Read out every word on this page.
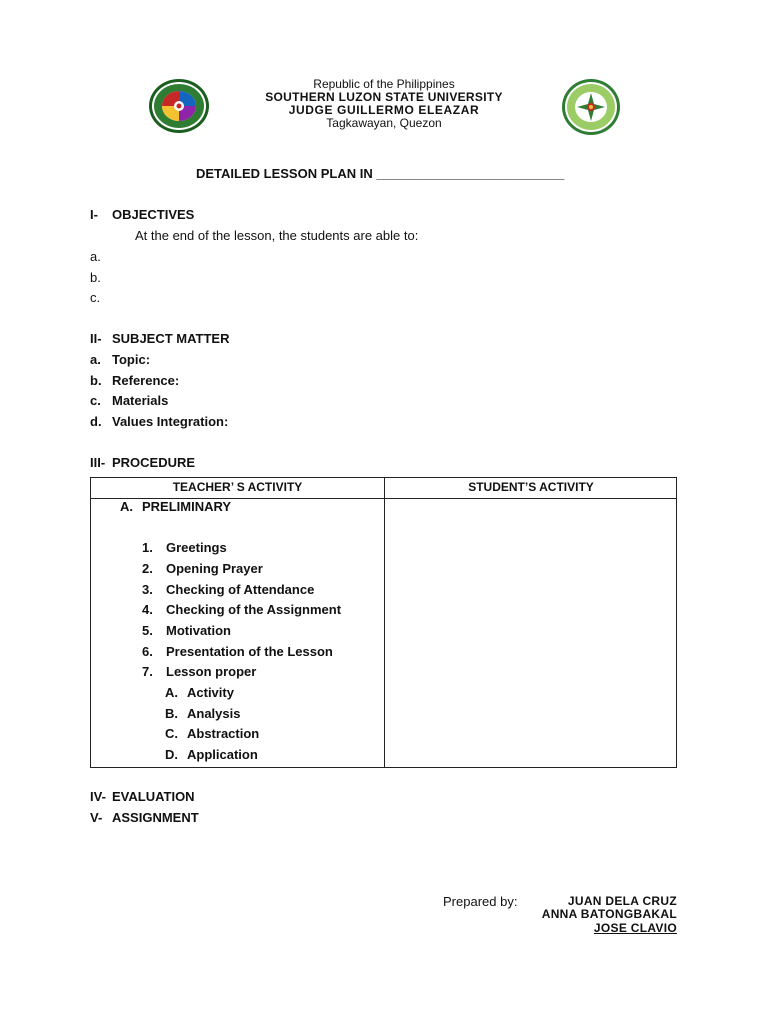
Republic of the Philippines
SOUTHERN LUZON STATE UNIVERSITY
JUDGE GUILLERMO ELEAZAR
Tagkawayan, Quezon
DETAILED LESSON PLAN IN __________________________
I- OBJECTIVES
At the end of the lesson, the students are able to:
a.
b.
c.
II- SUBJECT MATTER
a. Topic:
b. Reference:
c. Materials
d. Values Integration:
III- PROCEDURE
TEACHER’ S ACTIVITY	STUDENT’S ACTIVITY
A. PRELIMINARY
1. Greetings
2. Opening Prayer
3. Checking of Attendance
4. Checking of the Assignment
5. Motivation
6. Presentation of the Lesson
7. Lesson proper
A. Activity
B. Analysis
C. Abstraction
D. Application
IV- EVALUATION
V- ASSIGNMENT
Prepared by:	JUAN DELA CRUZ
ANNA BATONGBAKAL
JOSE CLAVIO
